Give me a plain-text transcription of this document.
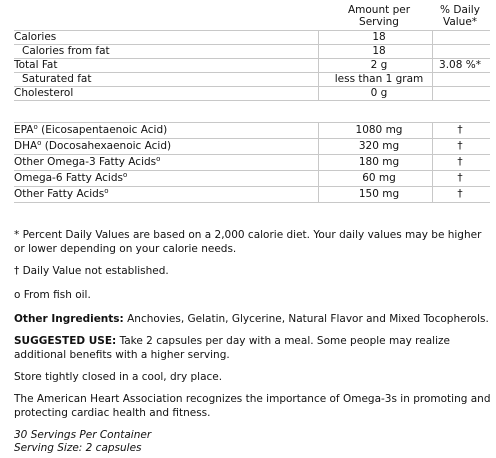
Amount per
Serving
% Daily
Value*
Calories	18
Calories from fat	18
Total Fat	2 g	3.08 %*
Saturated fat	less than 1 gram
Cholesterol	0 g
EPA$^o$ (Eicosapentaenoic Acid)	1080 mg	†
DHA$^o$ (Docosahexaenoic Acid)	320 mg	†
Other Omega-3 Fatty Acids$^o$	180 mg	†
Omega-6 Fatty Acids$^o$	60 mg	†
Other Fatty Acids$^o$	150 mg	†
* Percent Daily Values are based on a 2,000 calorie diet. Your daily values may be higher or lower depending on your calorie needs.
† Daily Value not established.
o From fish oil.
Other Ingredients: Anchovies, Gelatin, Glycerine, Natural Flavor and Mixed Tocopherols.
SUGGESTED USE: Take 2 capsules per day with a meal. Some people may realize additional benefits with a higher serving.
Store tightly closed in a cool, dry place.
The American Heart Association recognizes the importance of Omega-3s in promoting and protecting cardiac health and fitness.
30 Servings Per Container
Serving Size: 2 capsules
